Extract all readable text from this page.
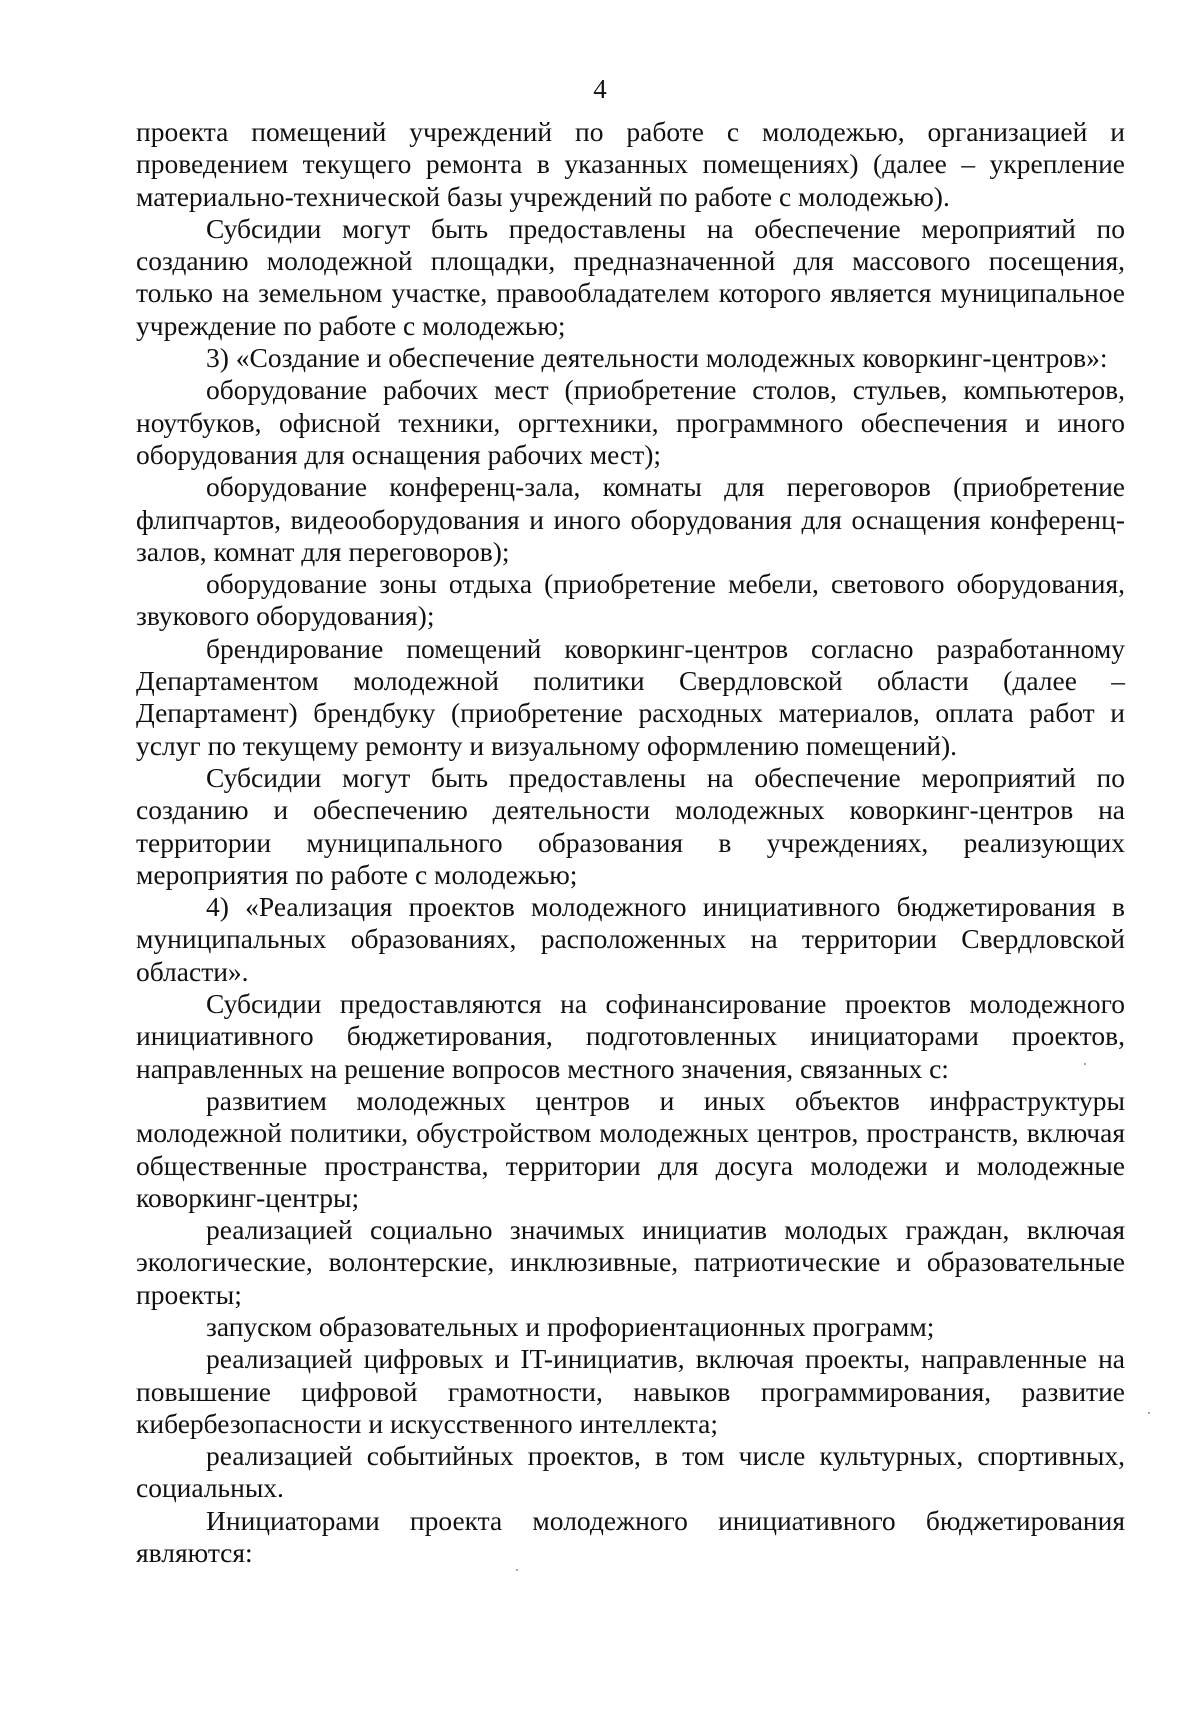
4

проекта помещений учреждений по работе с молодежью, организацией и проведением текущего ремонта в указанных помещениях) (далее – укрепление материально-технической базы учреждений по работе с молодежью).

Субсидии могут быть предоставлены на обеспечение мероприятий по созданию молодежной площадки, предназначенной для массового посещения, только на земельном участке, правообладателем которого является муниципальное учреждение по работе с молодежью;

3) «Создание и обеспечение деятельности молодежных коворкинг-центров»:

оборудование рабочих мест (приобретение столов, стульев, компьютеров, ноутбуков, офисной техники, оргтехники, программного обеспечения и иного оборудования для оснащения рабочих мест);

оборудование конференц-зала, комнаты для переговоров (приобретение флипчартов, видеооборудования и иного оборудования для оснащения конференц-залов, комнат для переговоров);

оборудование зоны отдыха (приобретение мебели, светового оборудования, звукового оборудования);

брендирование помещений коворкинг-центров согласно разработанному Департаментом молодежной политики Свердловской области (далее – Департамент) брендбуку (приобретение расходных материалов, оплата работ и услуг по текущему ремонту и визуальному оформлению помещений).

Субсидии могут быть предоставлены на обеспечение мероприятий по созданию и обеспечению деятельности молодежных коворкинг-центров на территории муниципального образования в учреждениях, реализующих мероприятия по работе с молодежью;

4) «Реализация проектов молодежного инициативного бюджетирования в муниципальных образованиях, расположенных на территории Свердловской области».

Субсидии предоставляются на софинансирование проектов молодежного инициативного бюджетирования, подготовленных инициаторами проектов, направленных на решение вопросов местного значения, связанных с:

развитием молодежных центров и иных объектов инфраструктуры молодежной политики, обустройством молодежных центров, пространств, включая общественные пространства, территории для досуга молодежи и молодежные коворкинг-центры;

реализацией социально значимых инициатив молодых граждан, включая экологические, волонтерские, инклюзивные, патриотические и образовательные проекты;

запуском образовательных и профориентационных программ;

реализацией цифровых и IT-инициатив, включая проекты, направленные на повышение цифровой грамотности, навыков программирования, развитие кибербезопасности и искусственного интеллекта;

реализацией событийных проектов, в том числе культурных, спортивных, социальных.

Инициаторами проекта молодежного инициативного бюджетирования являются:
